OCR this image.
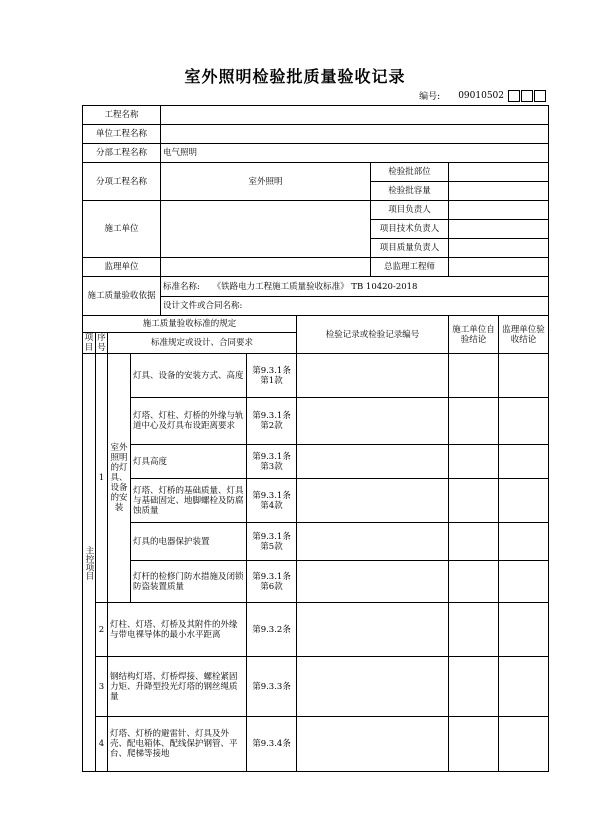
室外照明检验批质量验收记录
编号: 09010502
工程名称									
单位工程名称									
分部工程名称				电气照明					
分项工程名称				室外照明			检验批部位		
							检验批容量		
施工单位							项目负责人		
							项目技术负责人		
							项目质量负责人		
监理单位							总监理工程师		
施工质量验收依据				标准名称: 《铁路电力工程施工质量验收标准》 TB 10420-2018					
				设计文件或合同名称:					
施工质量验收标准的规定						检验记录或检验记录编号		施工单位自验结论	监理单位验收结论
项目	序号	标准规定或设计、合同要求							

主控项目	1	室外照明的灯具、设备的安装	灯具、设备的安装方式、高度		第9.3.1条第1款				
			灯塔、灯柱、灯桥的外缘与轨道中心及灯具布设距离要求		第9.3.1条第2款				
			灯具高度		第9.3.1条第3款				
			灯塔、灯桥的基础质量、灯具与基础固定、地脚螺栓及防腐蚀质量		第9.3.1条第4款				
			灯具的电器保护装置		第9.3.1条第5款				
			灯杆的检修门防水措施及闭锁防盗装置质量		第9.3.1条第6款				
	2	灯柱、灯塔、灯桥及其附件的外缘与带电裸导体的最小水平距离			第9.3.2条				
	3	钢结构灯塔、灯桥焊接、螺栓紧固力矩、升降型投光灯塔的钢丝绳质量			第9.3.3条				
	4	灯塔、灯桥的避雷针、灯具及外壳、配电箱体、配线保护钢管、平台、爬梯等接地			第9.3.4条				
